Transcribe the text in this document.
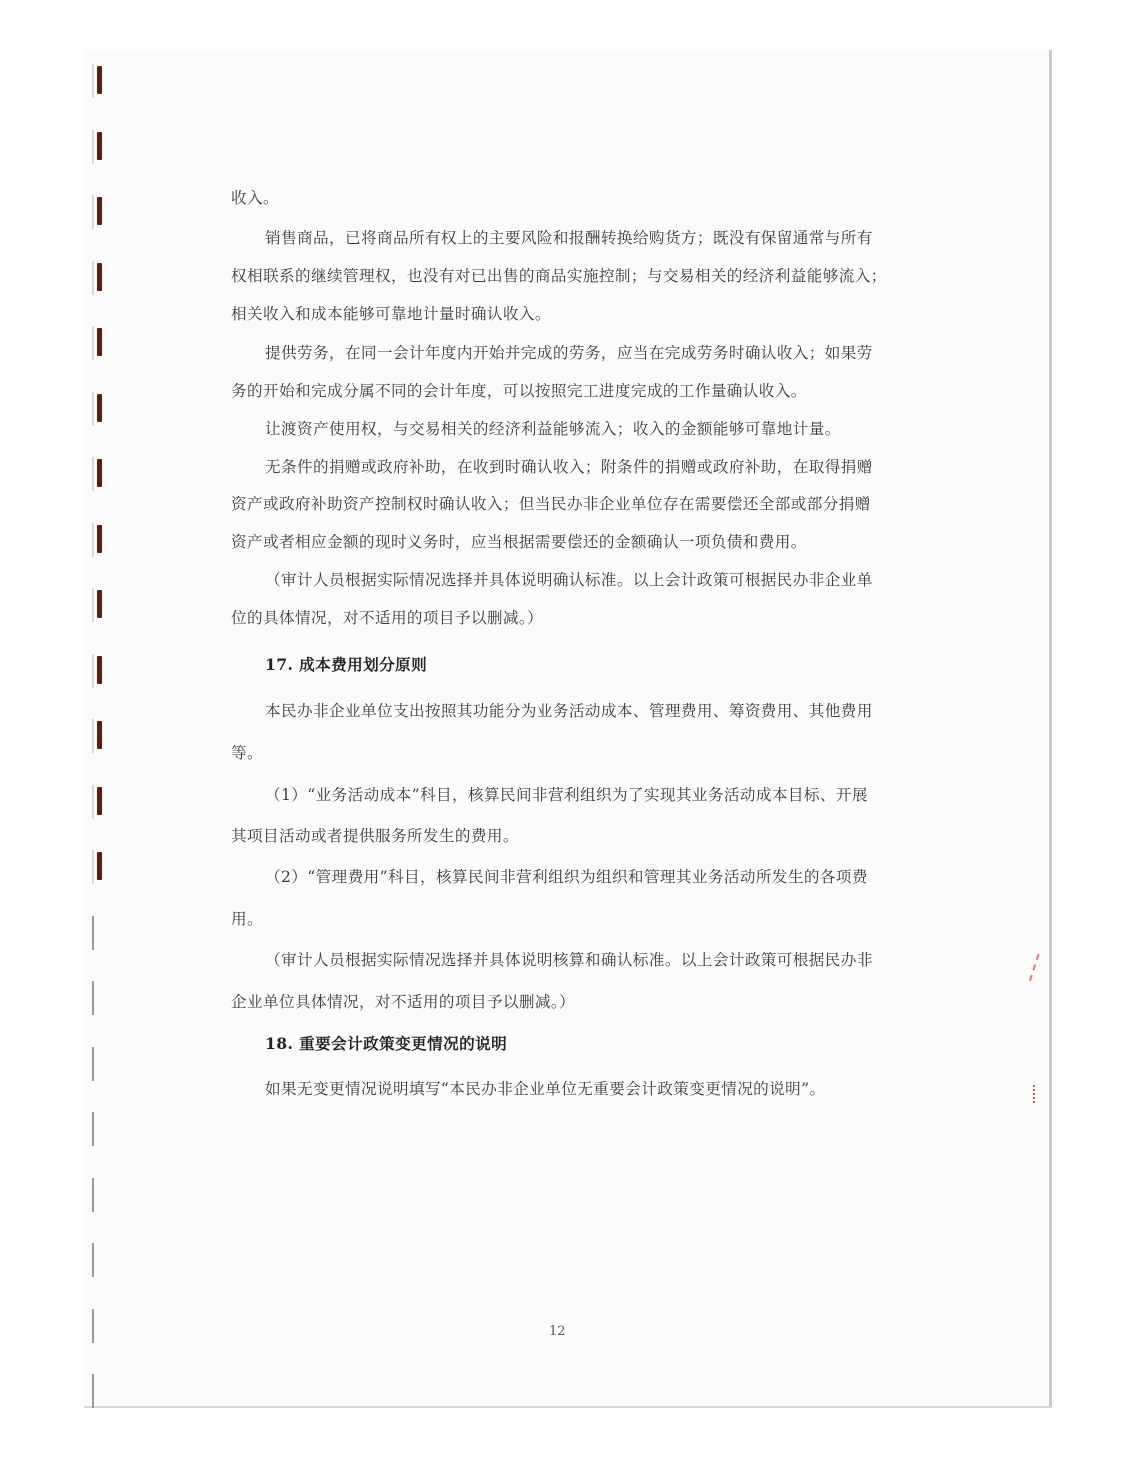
收入。
销售商品，已将商品所有权上的主要风险和报酬转换给购货方；既没有保留通常与所有
权相联系的继续管理权，也没有对已出售的商品实施控制；与交易相关的经济利益能够流入；
相关收入和成本能够可靠地计量时确认收入。
提供劳务，在同一会计年度内开始并完成的劳务，应当在完成劳务时确认收入；如果劳
务的开始和完成分属不同的会计年度，可以按照完工进度完成的工作量确认收入。
让渡资产使用权，与交易相关的经济利益能够流入；收入的金额能够可靠地计量。
无条件的捐赠或政府补助，在收到时确认收入；附条件的捐赠或政府补助，在取得捐赠
资产或政府补助资产控制权时确认收入；但当民办非企业单位存在需要偿还全部或部分捐赠
资产或者相应金额的现时义务时，应当根据需要偿还的金额确认一项负债和费用。
（审计人员根据实际情况选择并具体说明确认标准。以上会计政策可根据民办非企业单
位的具体情况，对不适用的项目予以删减。）
17. 成本费用划分原则
本民办非企业单位支出按照其功能分为业务活动成本、管理费用、筹资费用、其他费用
等。
（1）“业务活动成本”科目，核算民间非营利组织为了实现其业务活动成本目标、开展
其项目活动或者提供服务所发生的费用。
（2）“管理费用”科目，核算民间非营利组织为组织和管理其业务活动所发生的各项费
用。
（审计人员根据实际情况选择并具体说明核算和确认标准。以上会计政策可根据民办非
企业单位具体情况，对不适用的项目予以删减。）
18. 重要会计政策变更情况的说明
如果无变更情况说明填写“本民办非企业单位无重要会计政策变更情况的说明”。
12
